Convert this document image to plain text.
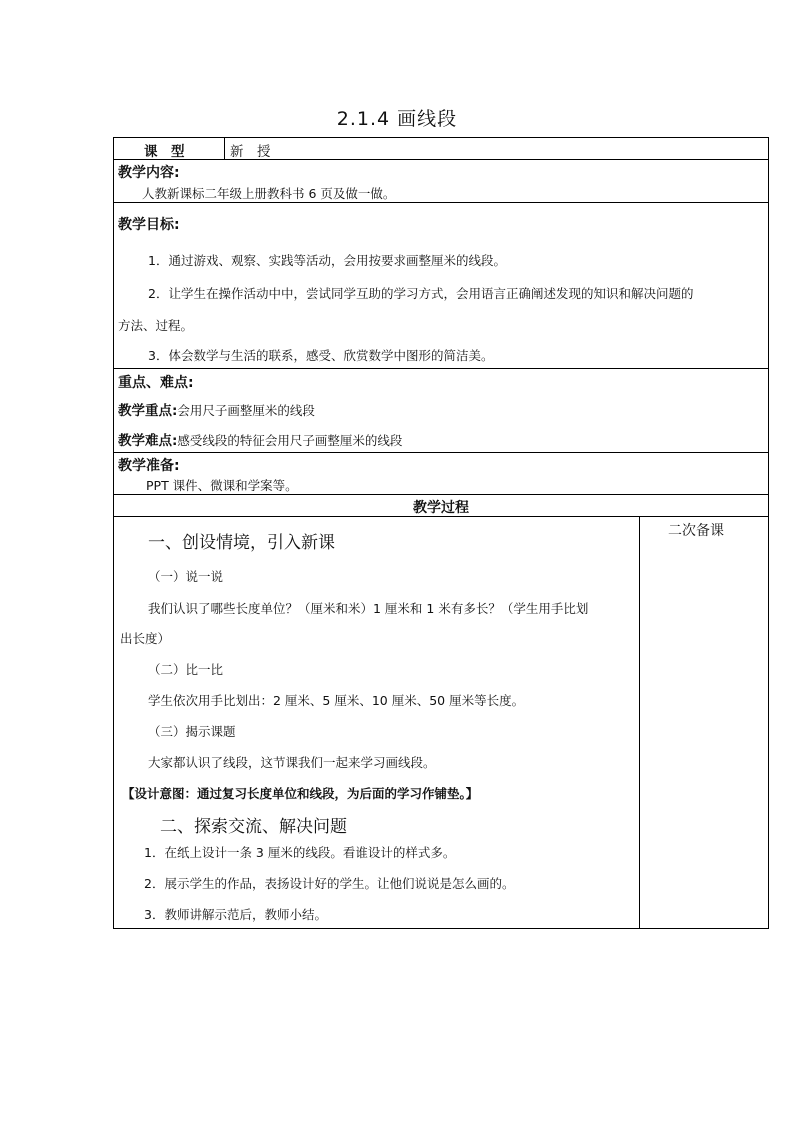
2.1.4 画线段
课　型	新　授
教学内容:
人教新课标二年级上册教科书 6 页及做一做。
教学目标:
1．通过游戏、观察、实践等活动，会用按要求画整厘米的线段。
2．让学生在操作活动中中，尝试同学互助的学习方式，会用语言正确阐述发现的知识和解决问题的
方法、过程。
3．体会数学与生活的联系，感受、欣赏数学中图形的简洁美。
重点、难点:
教学重点:会用尺子画整厘米的线段
教学难点:感受线段的特征会用尺子画整厘米的线段
教学准备:
PPT 课件、微课和学案等。
教学过程
二次备课
一、创设情境，引入新课
（一）说一说
我们认识了哪些长度单位？（厘米和米）1 厘米和 1 米有多长？（学生用手比划
出长度）
（二）比一比
学生依次用手比划出：2 厘米、5 厘米、10 厘米、50 厘米等长度。
（三）揭示课题
大家都认识了线段，这节课我们一起来学习画线段。
【设计意图：通过复习长度单位和线段，为后面的学习作铺垫。】
二、探索交流、解决问题
1．在纸上设计一条 3 厘米的线段。看谁设计的样式多。
2．展示学生的作品，表扬设计好的学生。让他们说说是怎么画的。
3．教师讲解示范后，教师小结。
